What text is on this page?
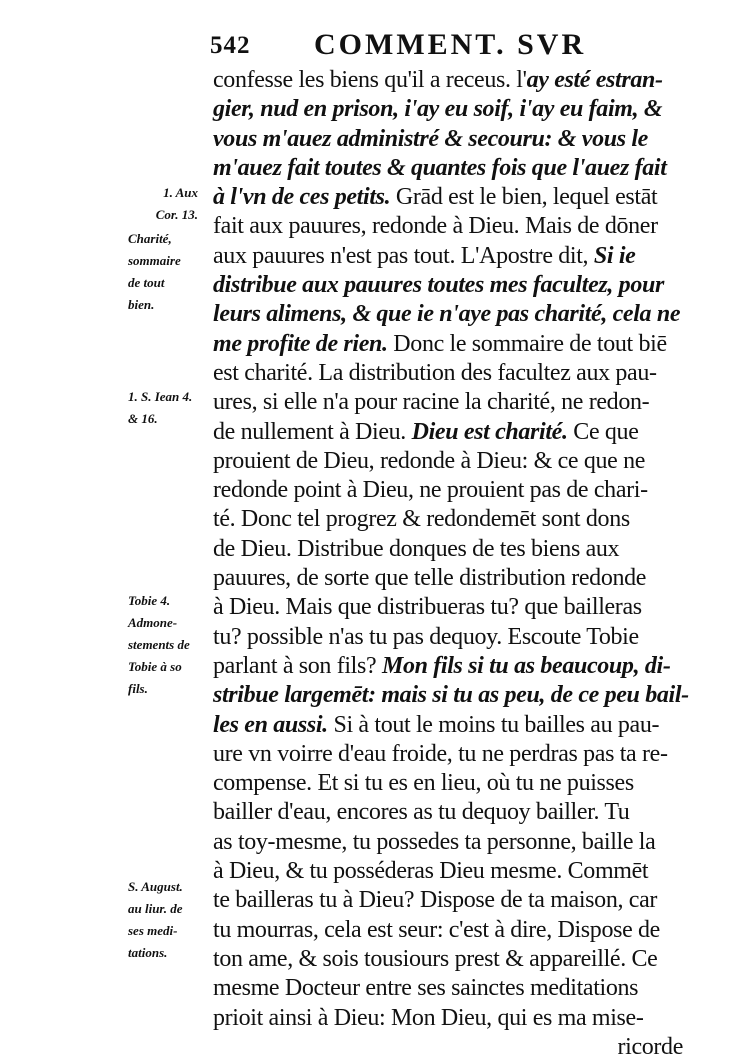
542 COMMENT. SVR
confesse les biens qu'il a receus. l'ay esté estran-
gier, nud en prison, i'ay eu soif, i'ay eu faim, &
vous m'auez administré & secouru: & vous le
m'auez fait toutes & quantes fois que l'auez fait
à l'vn de ces petits. Grād est le bien, lequel estāt
fait aux pauures, redonde à Dieu. Mais de dōner
aux pauures n'est pas tout. L'Apostre dit, Si ie
distribue aux pauures toutes mes facultez, pour
leurs alimens, & que ie n'aye pas charité, cela ne
me profite de rien. Donc le sommaire de tout biē
est charité. La distribution des facultez aux pau-
ures, si elle n'a pour racine la charité, ne redon-
de nullement à Dieu. Dieu est charité. Ce que
prouient de Dieu, redonde à Dieu: & ce que ne
redonde point à Dieu, ne prouient pas de chari-
té. Donc tel progrez & redondemēt sont dons
de Dieu. Distribue donques de tes biens aux
pauures, de sorte que telle distribution redonde
à Dieu. Mais que distribueras tu? que bailleras
tu? possible n'as tu pas dequoy. Escoute Tobie
parlant à son fils? Mon fils si tu as beaucoup, di-
stribue largemēt: mais si tu as peu, de ce peu bail-
les en aussi. Si à tout le moins tu bailles au pau-
ure vn voirre d'eau froide, tu ne perdras pas ta re-
compense. Et si tu es en lieu, où tu ne puisses
bailler d'eau, encores as tu dequoy bailler. Tu
as toy-mesme, tu possedes ta personne, baille la
à Dieu, & tu posséderas Dieu mesme. Commēt
te bailleras tu à Dieu? Dispose de ta maison, car
tu mourras, cela est seur: c'est à dire, Dispose de
ton ame, & sois tousiours prest & appareillé. Ce
mesme Docteur entre ses sainctes meditations
prioit ainsi à Dieu: Mon Dieu, qui es ma mise-
ricorde
1. Aux
Cor. 13.
Charité,
sommaire
de tout
bien.
1. S. Iean 4.
& 16.
Tobie 4.
Admone-
stements de
Tobie à so
fils.
S. August.
au liur. de
ses medi-
tations.
